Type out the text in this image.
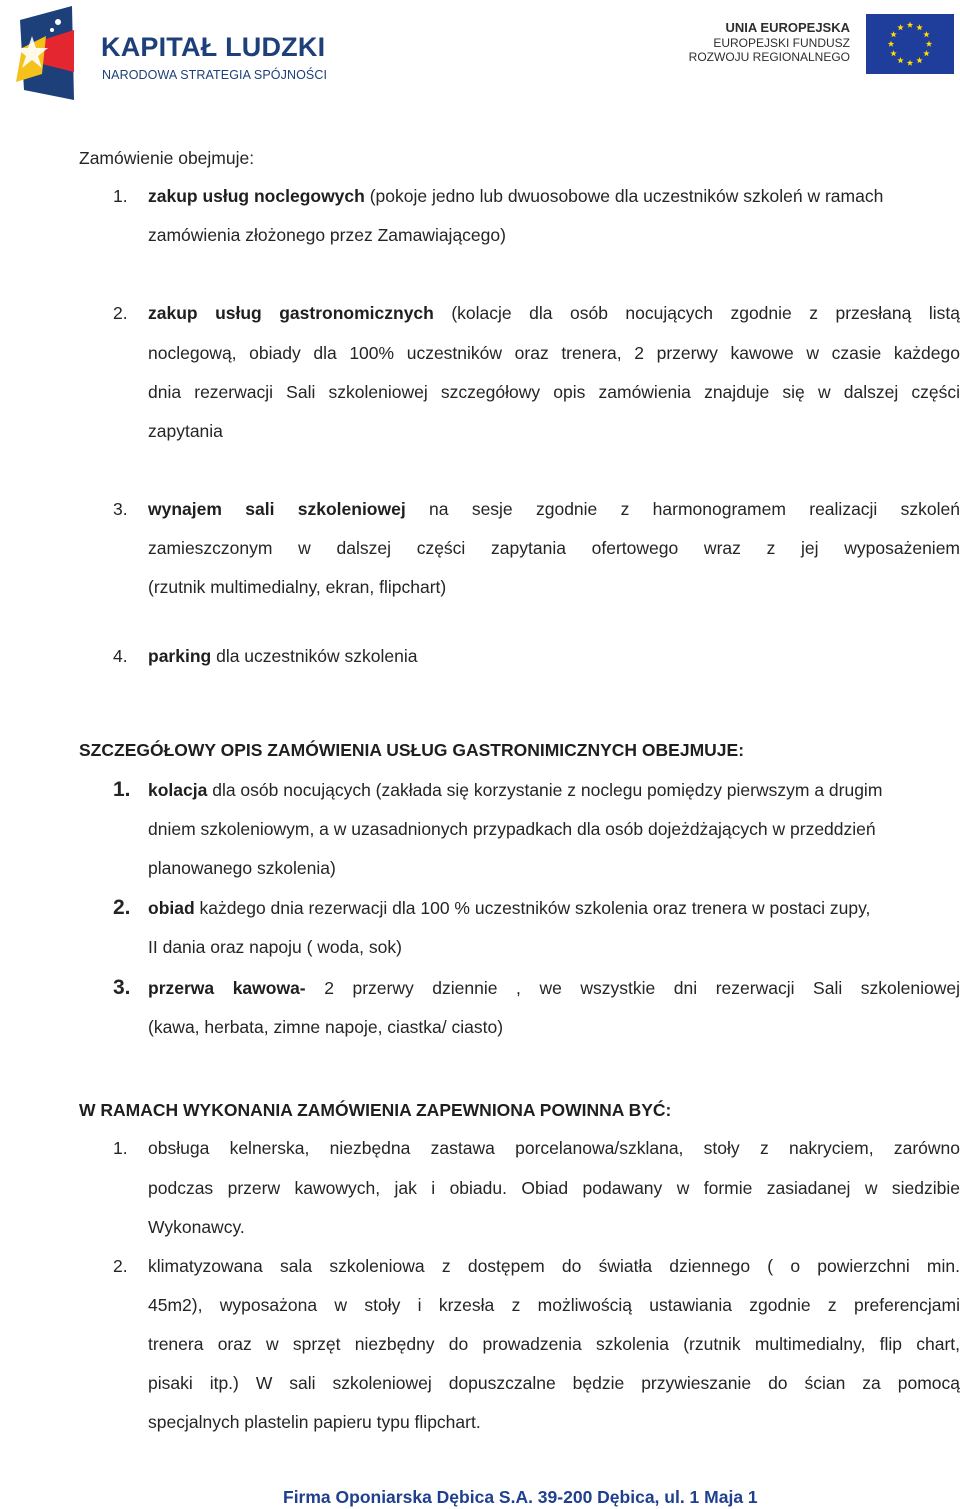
KAPITAŁ LUDZKI
NARODOWA STRATEGIA SPÓJNOŚCI
UNIA EUROPEJSKA
EUROPEJSKI FUNDUSZ
ROZWOJU REGIONALNEGO
Zamówienie obejmuje:
1. zakup usług noclegowych (pokoje jedno lub dwuosobowe dla uczestników szkoleń w ramach
zamówienia złożonego przez Zamawiającego)
2. zakup usług gastronomicznych (kolacje dla osób nocujących zgodnie z przesłaną listą
noclegową, obiady dla 100% uczestników oraz trenera, 2 przerwy kawowe w czasie każdego
dnia rezerwacji Sali szkoleniowej szczegółowy opis zamówienia znajduje się w dalszej części
zapytania
3. wynajem sali szkoleniowej na sesje zgodnie z harmonogramem realizacji szkoleń
zamieszczonym w dalszej części zapytania ofertowego wraz z jej wyposażeniem
(rzutnik multimedialny, ekran, flipchart)
4. parking dla uczestników szkolenia
SZCZEGÓŁOWY OPIS ZAMÓWIENIA USŁUG GASTRONIMICZNYCH OBEJMUJE:
1. kolacja dla osób nocujących (zakłada się korzystanie z noclegu pomiędzy pierwszym a drugim
dniem szkoleniowym, a w uzasadnionych przypadkach dla osób dojeżdżających w przeddzień
planowanego szkolenia)
2. obiad każdego dnia rezerwacji dla 100 % uczestników szkolenia oraz trenera w postaci zupy,
II dania oraz napoju ( woda, sok)
3. przerwa kawowa- 2 przerwy dziennie , we wszystkie dni rezerwacji Sali szkoleniowej
(kawa, herbata, zimne napoje, ciastka/ ciasto)
W RAMACH WYKONANIA ZAMÓWIENIA ZAPEWNIONA POWINNA BYĆ:
1. obsługa kelnerska, niezbędna zastawa porcelanowa/szklana, stoły z nakryciem, zarówno
podczas przerw kawowych, jak i obiadu. Obiad podawany w formie zasiadanej w siedzibie
Wykonawcy.
2. klimatyzowana sala szkoleniowa z dostępem do światła dziennego ( o powierzchni min.
45m2), wyposażona w stoły i krzesła z możliwością ustawiania zgodnie z preferencjami
trenera oraz w sprzęt niezbędny do prowadzenia szkolenia (rzutnik multimedialny, flip chart,
pisaki itp.) W sali szkoleniowej dopuszczalne będzie przywieszanie do ścian za pomocą
specjalnych plastelin papieru typu flipchart.
Firma Oponiarska Dębica S.A. 39-200 Dębica, ul. 1 Maja 1
